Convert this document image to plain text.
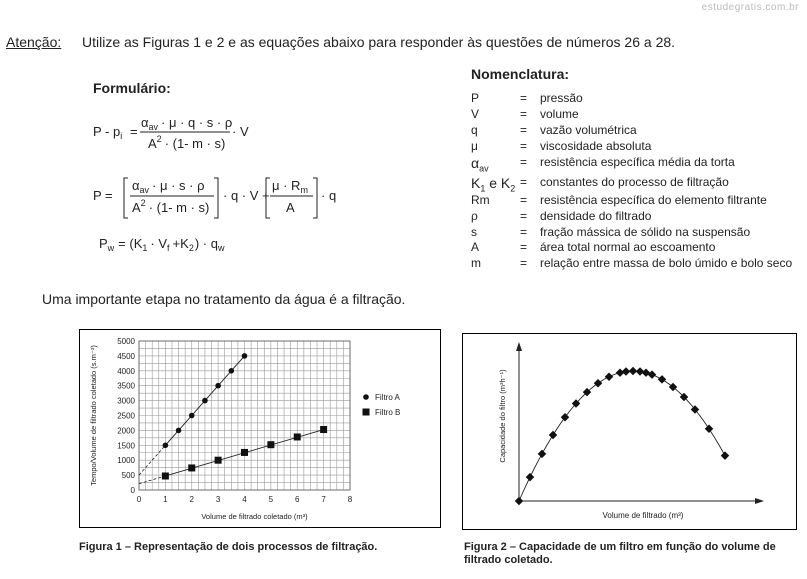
estudegratis.com.br
Atenção: Utilize as Figuras 1 e 2 e as equações abaixo para responder às questões de números 26 a 28.
Formulário:
P - $p_i$ =
$\alpha_{av} \cdot \mu \cdot q \cdot s \cdot \rho$
$A^2 \cdot (1-$ m · s)
· V
P =
$\alpha_{av} \cdot \mu \cdot s \cdot \rho$
$A^2 \cdot (1-$ m · s)
· q · V +
$\mu \cdot R_m$
A
· q
$P_w = (K_1 \cdot V_f +K_2) \cdot q_w$
Nomenclatura:
P	= pressão
V	= volume
q	= vazão volumétrica
μ	= viscosidade absoluta
$\alpha_{av}$	= resistência específica média da torta
$K_1$ e $K_2$ = constantes do processo de filtração
Rm	= resistência específica do elemento filtrante
ρ	= densidade do filtrado
s	= fração mássica de sólido na suspensão
A	= área total normal ao escoamento
m	= relação entre massa de bolo úmido e bolo seco
Uma importante etapa no tratamento da água é a filtração.
0	1	2	3	4	5	6	7	8
0
500
1000
1500
2000
2500
3000
3500
4000
4500
5000
Volume de filtrado coletado (m³)
Tempo/Volume de filtrado coletado (s.m⁻³)	Filtro A
Filtro B
Figura 1 – Representação de dois processos de filtração.
Volume de filtrado (m³)
Capacidade do filtro (m³h⁻¹)
Figura 2 – Capacidade de um filtro em função do volume de filtrado coletado.
